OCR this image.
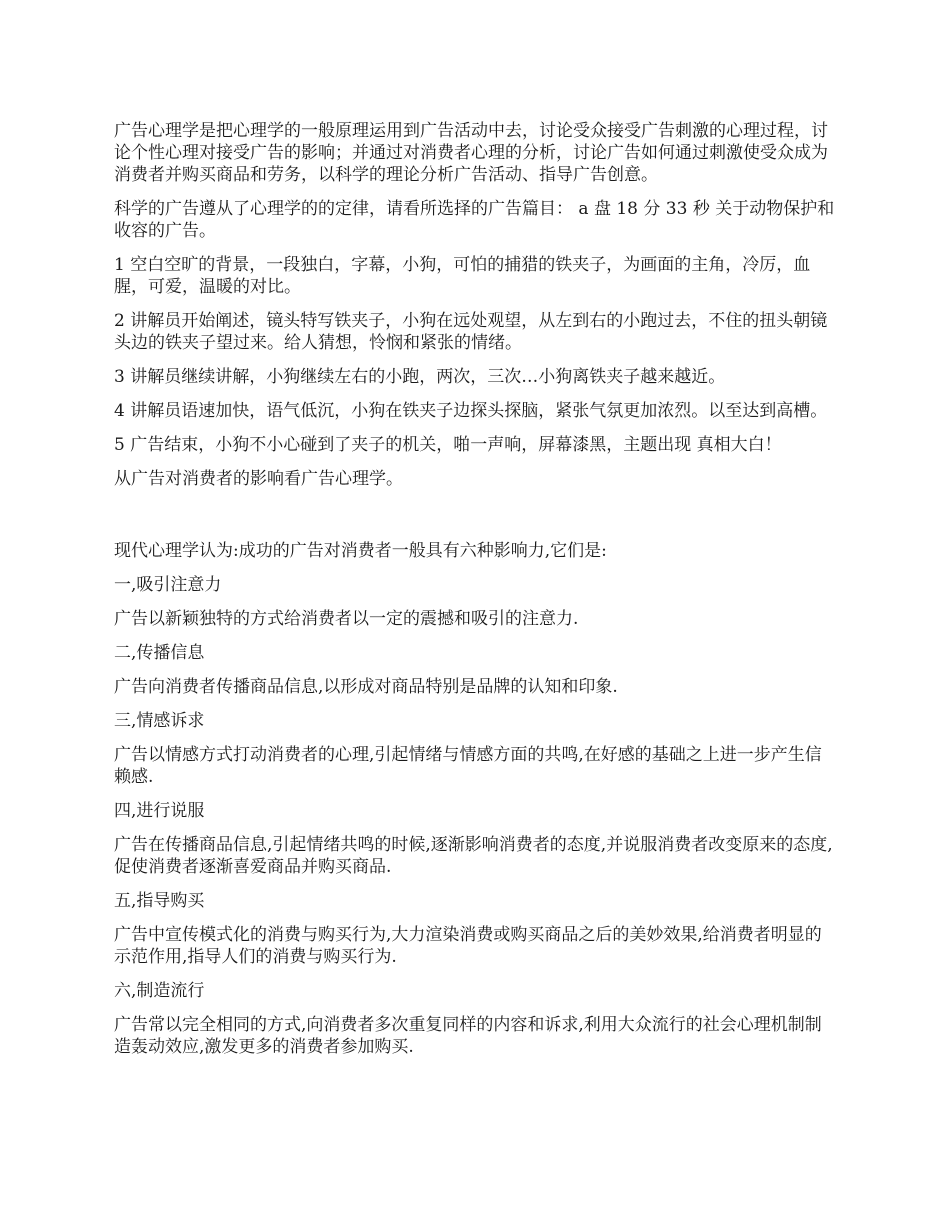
广告心理学是把心理学的一般原理运用到广告活动中去，讨论受众接受广告刺激的心理过程，讨论个性心理对接受广告的影响；并通过对消费者心理的分析，讨论广告如何通过刺激使受众成为消费者并购买商品和劳务，以科学的理论分析广告活动、指导广告创意。

科学的广告遵从了心理学的的定律，请看所选择的广告篇目： a 盘 18 分 33 秒 关于动物保护和收容的广告。

1 空白空旷的背景，一段独白，字幕，小狗，可怕的捕猎的铁夹子，为画面的主角，冷厉，血腥，可爱，温暖的对比。

2 讲解员开始阐述，镜头特写铁夹子，小狗在远处观望，从左到右的小跑过去，不住的扭头朝镜头边的铁夹子望过来。给人猜想，怜悯和紧张的情绪。

3 讲解员继续讲解，小狗继续左右的小跑，两次，三次…小狗离铁夹子越来越近。

4 讲解员语速加快，语气低沉，小狗在铁夹子边探头探脑，紧张气氛更加浓烈。以至达到高槽。

5 广告结束，小狗不小心碰到了夹子的机关，啪一声响，屏幕漆黑，主题出现 真相大白！

从广告对消费者的影响看广告心理学。

现代心理学认为:成功的广告对消费者一般具有六种影响力,它们是:

一,吸引注意力

广告以新颖独特的方式给消费者以一定的震撼和吸引的注意力.

二,传播信息

广告向消费者传播商品信息,以形成对商品特别是品牌的认知和印象.

三,情感诉求

广告以情感方式打动消费者的心理,引起情绪与情感方面的共鸣,在好感的基础之上进一步产生信赖感.

四,进行说服

广告在传播商品信息,引起情绪共鸣的时候,逐渐影响消费者的态度,并说服消费者改变原来的态度,促使消费者逐渐喜爱商品并购买商品.

五,指导购买

广告中宣传模式化的消费与购买行为,大力渲染消费或购买商品之后的美妙效果,给消费者明显的示范作用,指导人们的消费与购买行为.

六,制造流行

广告常以完全相同的方式,向消费者多次重复同样的内容和诉求,利用大众流行的社会心理机制制造轰动效应,激发更多的消费者参加购买.
